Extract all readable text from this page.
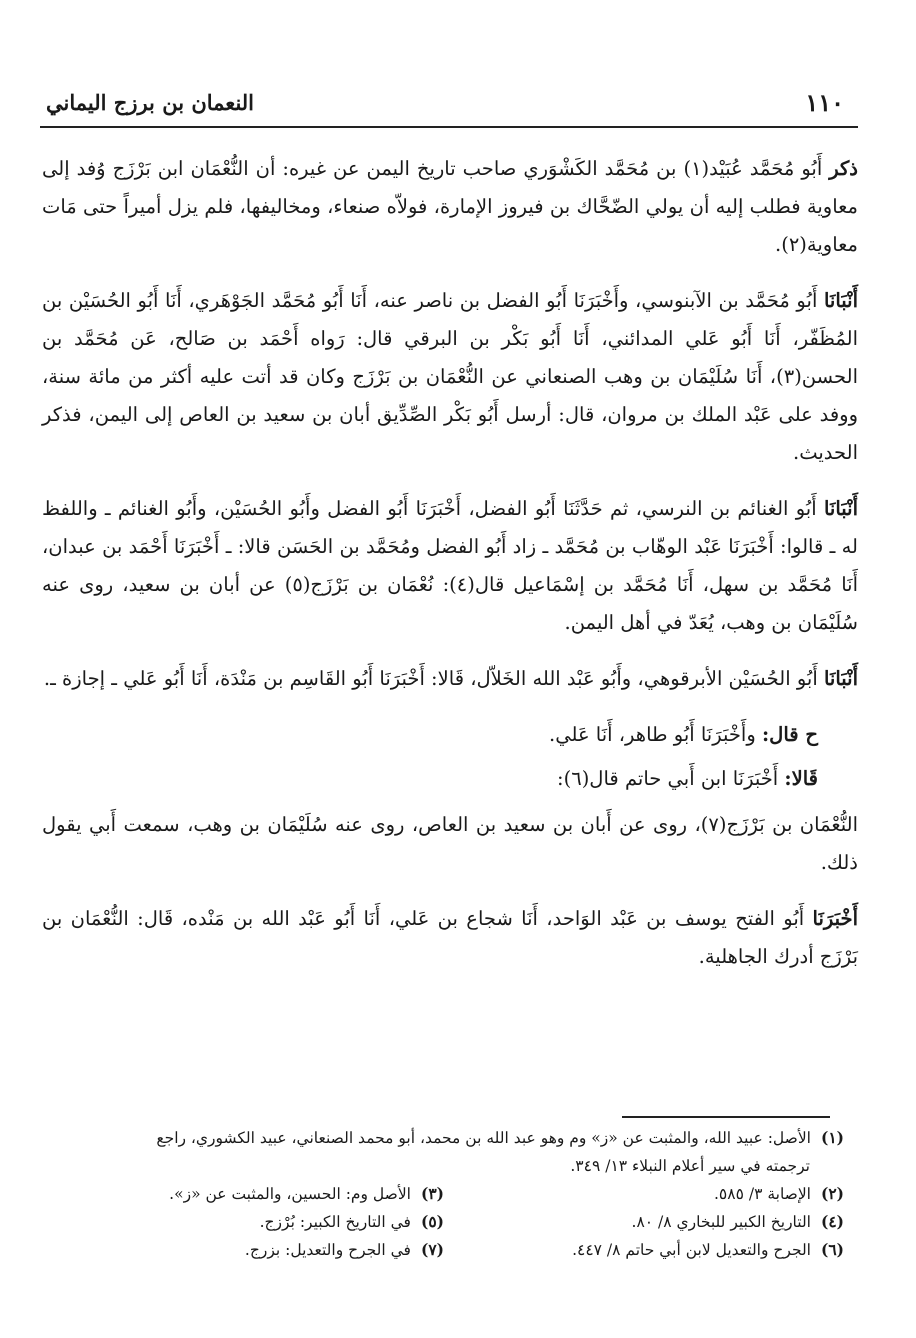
١١٠
النعمان بن برزج اليماني

ذكر أَبُو مُحَمَّد عُبَيْد(١) بن مُحَمَّد الكَشْوَري صاحب تاريخ اليمن عن غيره: أن النُّعْمَان ابن بَرْزَج وُفد إلى معاوية فطلب إليه أن يولي الضّحَّاك بن فيروز الإمارة، فولاّه صنعاء، ومخاليفها، فلم يزل أميراً حتى مَات معاوية(٢).

أَنْبَانَا أَبُو مُحَمَّد بن الآبنوسي، وأَخْبَرَنَا أَبُو الفضل بن ناصر عنه، أَنَا أَبُو مُحَمَّد الجَوْهَري، أَنَا أَبُو الحُسَيْن بن المُظَفّر، أَنَا أَبُو عَلي المدائني، أَنَا أَبُو بَكْر بن البرقي قال: رَواه أَحْمَد بن صَالح، عَن مُحَمَّد بن الحسن(٣)، أَنَا سُلَيْمَان بن وهب الصنعاني عن النُّعْمَان بن بَرْزَج وكان قد أتت عليه أكثر من مائة سنة، ووفد على عَبْد الملك بن مروان، قال: أرسل أَبُو بَكْر الصِّدِّيق أبان بن سعيد بن العاص إلى اليمن، فذكر الحديث.

أَنْبَانَا أَبُو الغنائم بن النرسي، ثم حَدَّثَنَا أَبُو الفضل، أَخْبَرَنَا أَبُو الفضل وأَبُو الحُسَيْن، وأَبُو الغنائم ـ واللفظ له ـ قالوا: أَخْبَرَنَا عَبْد الوهّاب بن مُحَمَّد ـ زاد أَبُو الفضل ومُحَمَّد بن الحَسَن قالا: ـ أَخْبَرَنَا أَحْمَد بن عبدان، أَنَا مُحَمَّد بن سهل، أَنَا مُحَمَّد بن إسْمَاعيل قال(٤): نُعْمَان بن بَرْزَج(٥) عن أبان بن سعيد، روى عنه سُلَيْمَان بن وهب، يُعَدّ في أهل اليمن.

أَنْبَانَا أَبُو الحُسَيْن الأبرقوهي، وأَبُو عَبْد الله الخَلاّل، قَالا: أَخْبَرَنَا أَبُو القَاسِم بن مَنْدَة، أَنَا أَبُو عَلي ـ إجازة ـ.

ح قال: وأَخْبَرَنَا أَبُو طاهر، أَنَا عَلي.

قَالا: أَخْبَرَنَا ابن أَبي حاتم قال(٦):

النُّعْمَان بن بَرْزَج(٧)، روى عن أَبان بن سعيد بن العاص، روى عنه سُلَيْمَان بن وهب، سمعت أَبي يقول ذلك.

أَخْبَرَنَا أَبُو الفتح يوسف بن عَبْد الوَاحد، أَنَا شجاع بن عَلي، أَنَا أَبُو عَبْد الله بن مَنْده، قَال: النُّعْمَان بن بَرْزَج أدرك الجاهلية.

(١)الأصل: عبيد الله، والمثبت عن «ز» وم وهو عبد الله بن محمد، أبو محمد الصنعاني، عبيد الكشوري، راجع
ترجمته في سير أعلام النبلاء ١٣/ ٣٤٩.
(٢)الإصابة ٣/ ٥٨٥.
(٣)الأصل وم: الحسين، والمثبت عن «ز».
(٤)التاريخ الكبير للبخاري ٨/ ٨٠.
(٥)في التاريخ الكبير: بُرْزج.
(٦)الجرح والتعديل لابن أبي حاتم ٨/ ٤٤٧.
(٧)في الجرح والتعديل: بزرج.
